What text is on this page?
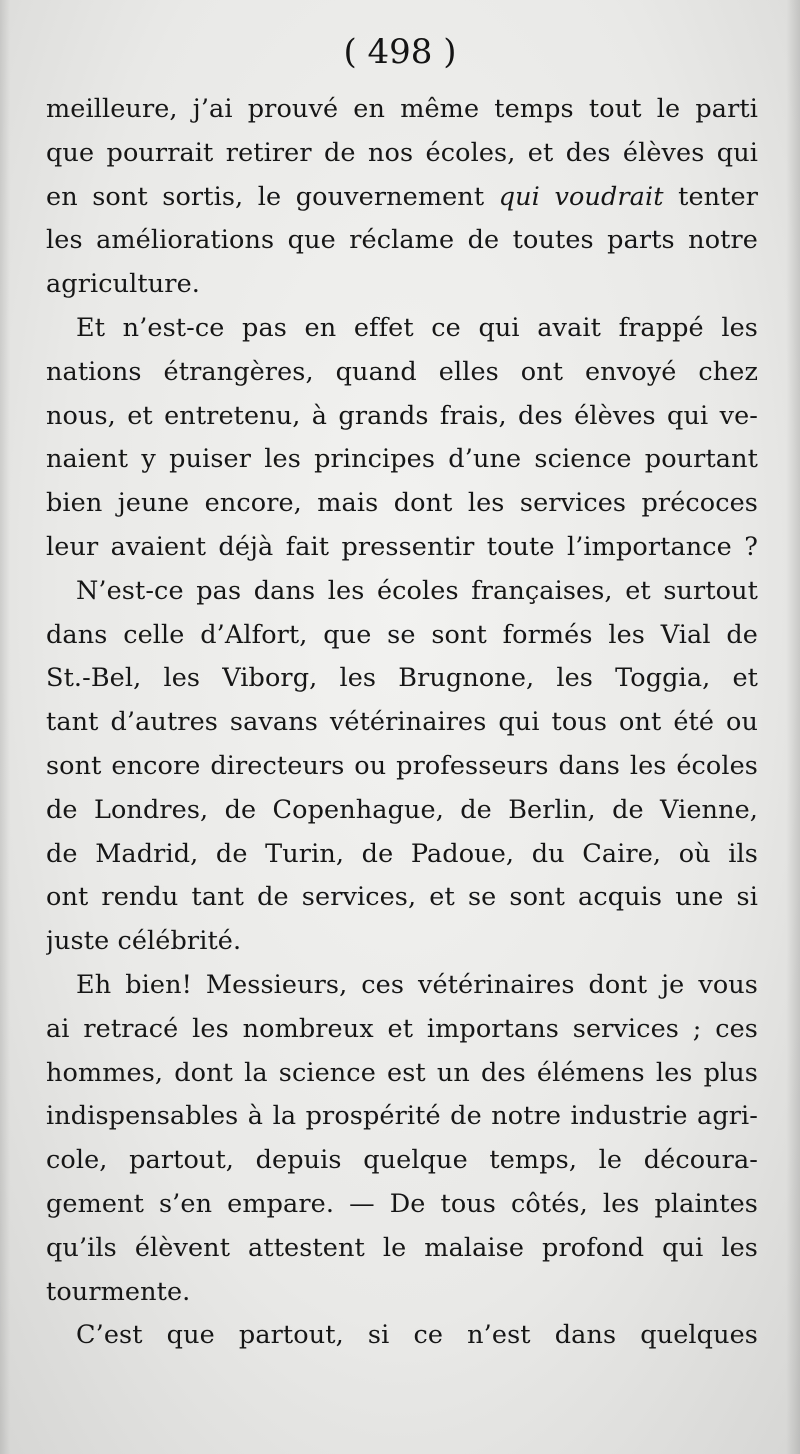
( 498 )
meilleure, j’ai prouvé en même temps tout le parti
que pourrait retirer de nos écoles, et des élèves qui
en sont sortis, le gouvernement qui voudrait tenter
les améliorations que réclame de toutes parts notre
agriculture.
Et n’est-ce pas en effet ce qui avait frappé les
nations étrangères, quand elles ont envoyé chez
nous, et entretenu, à grands frais, des élèves qui ve-
naient y puiser les principes d’une science pourtant
bien jeune encore, mais dont les services précoces
leur avaient déjà fait pressentir toute l’importance ?
N’est-ce pas dans les écoles françaises, et surtout
dans celle d’Alfort, que se sont formés les Vial de
St.-Bel, les Viborg, les Brugnone, les Toggia, et
tant d’autres savans vétérinaires qui tous ont été ou
sont encore directeurs ou professeurs dans les écoles
de Londres, de Copenhague, de Berlin, de Vienne,
de Madrid, de Turin, de Padoue, du Caire, où ils
ont rendu tant de services, et se sont acquis une si
juste célébrité.
Eh bien! Messieurs, ces vétérinaires dont je vous
ai retracé les nombreux et importans services ; ces
hommes, dont la science est un des élémens les plus
indispensables à la prospérité de notre industrie agri-
cole, partout, depuis quelque temps, le découra-
gement s’en empare. — De tous côtés, les plaintes
qu’ils élèvent attestent le malaise profond qui les
tourmente.
C’est que partout, si ce n’est dans quelques
